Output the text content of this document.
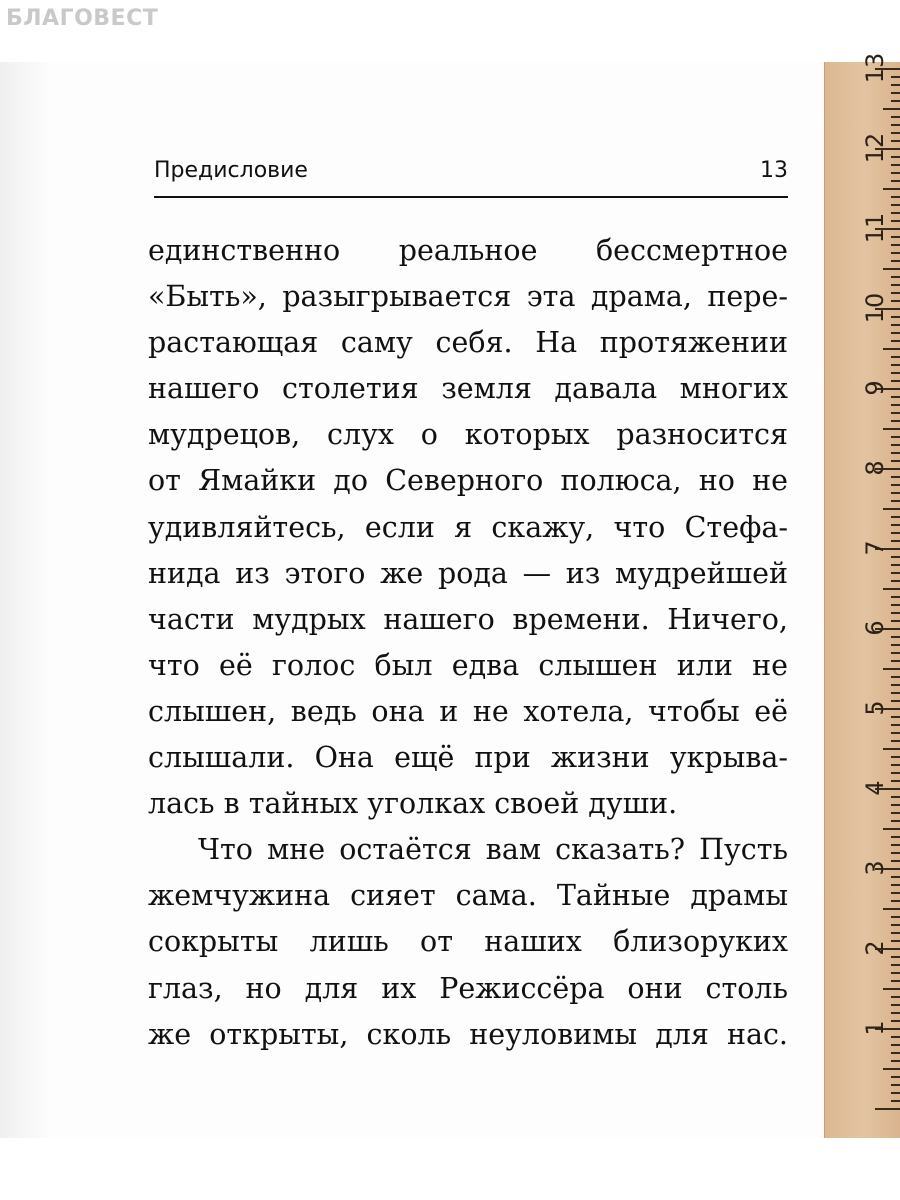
БЛАГОВЕСТ
Предисловие	13
единственно реальное бессмертное
«Быть», разыгрывается эта драма, пере-
растающая саму себя. На протяжении
нашего столетия земля давала многих
мудрецов, слух о которых разносится
от Ямайки до Северного полюса, но не
удивляйтесь, если я скажу, что Стефа-
нида из этого же рода — из мудрейшей
части мудрых нашего времени. Ничего,
что её голос был едва слышен или не
слышен, ведь она и не хотела, чтобы её
слышали. Она ещё при жизни укрыва-
лась в тайных уголках своей души.
Что мне остаётся вам сказать? Пусть
жемчужина сияет сама. Тайные драмы
сокрыты лишь от наших близоруких
глаз, но для их Режиссёра они столь
же открыты, сколь неуловимы для нас.	1
2
3
4
5
6
7
8
9
10
11
12
13
